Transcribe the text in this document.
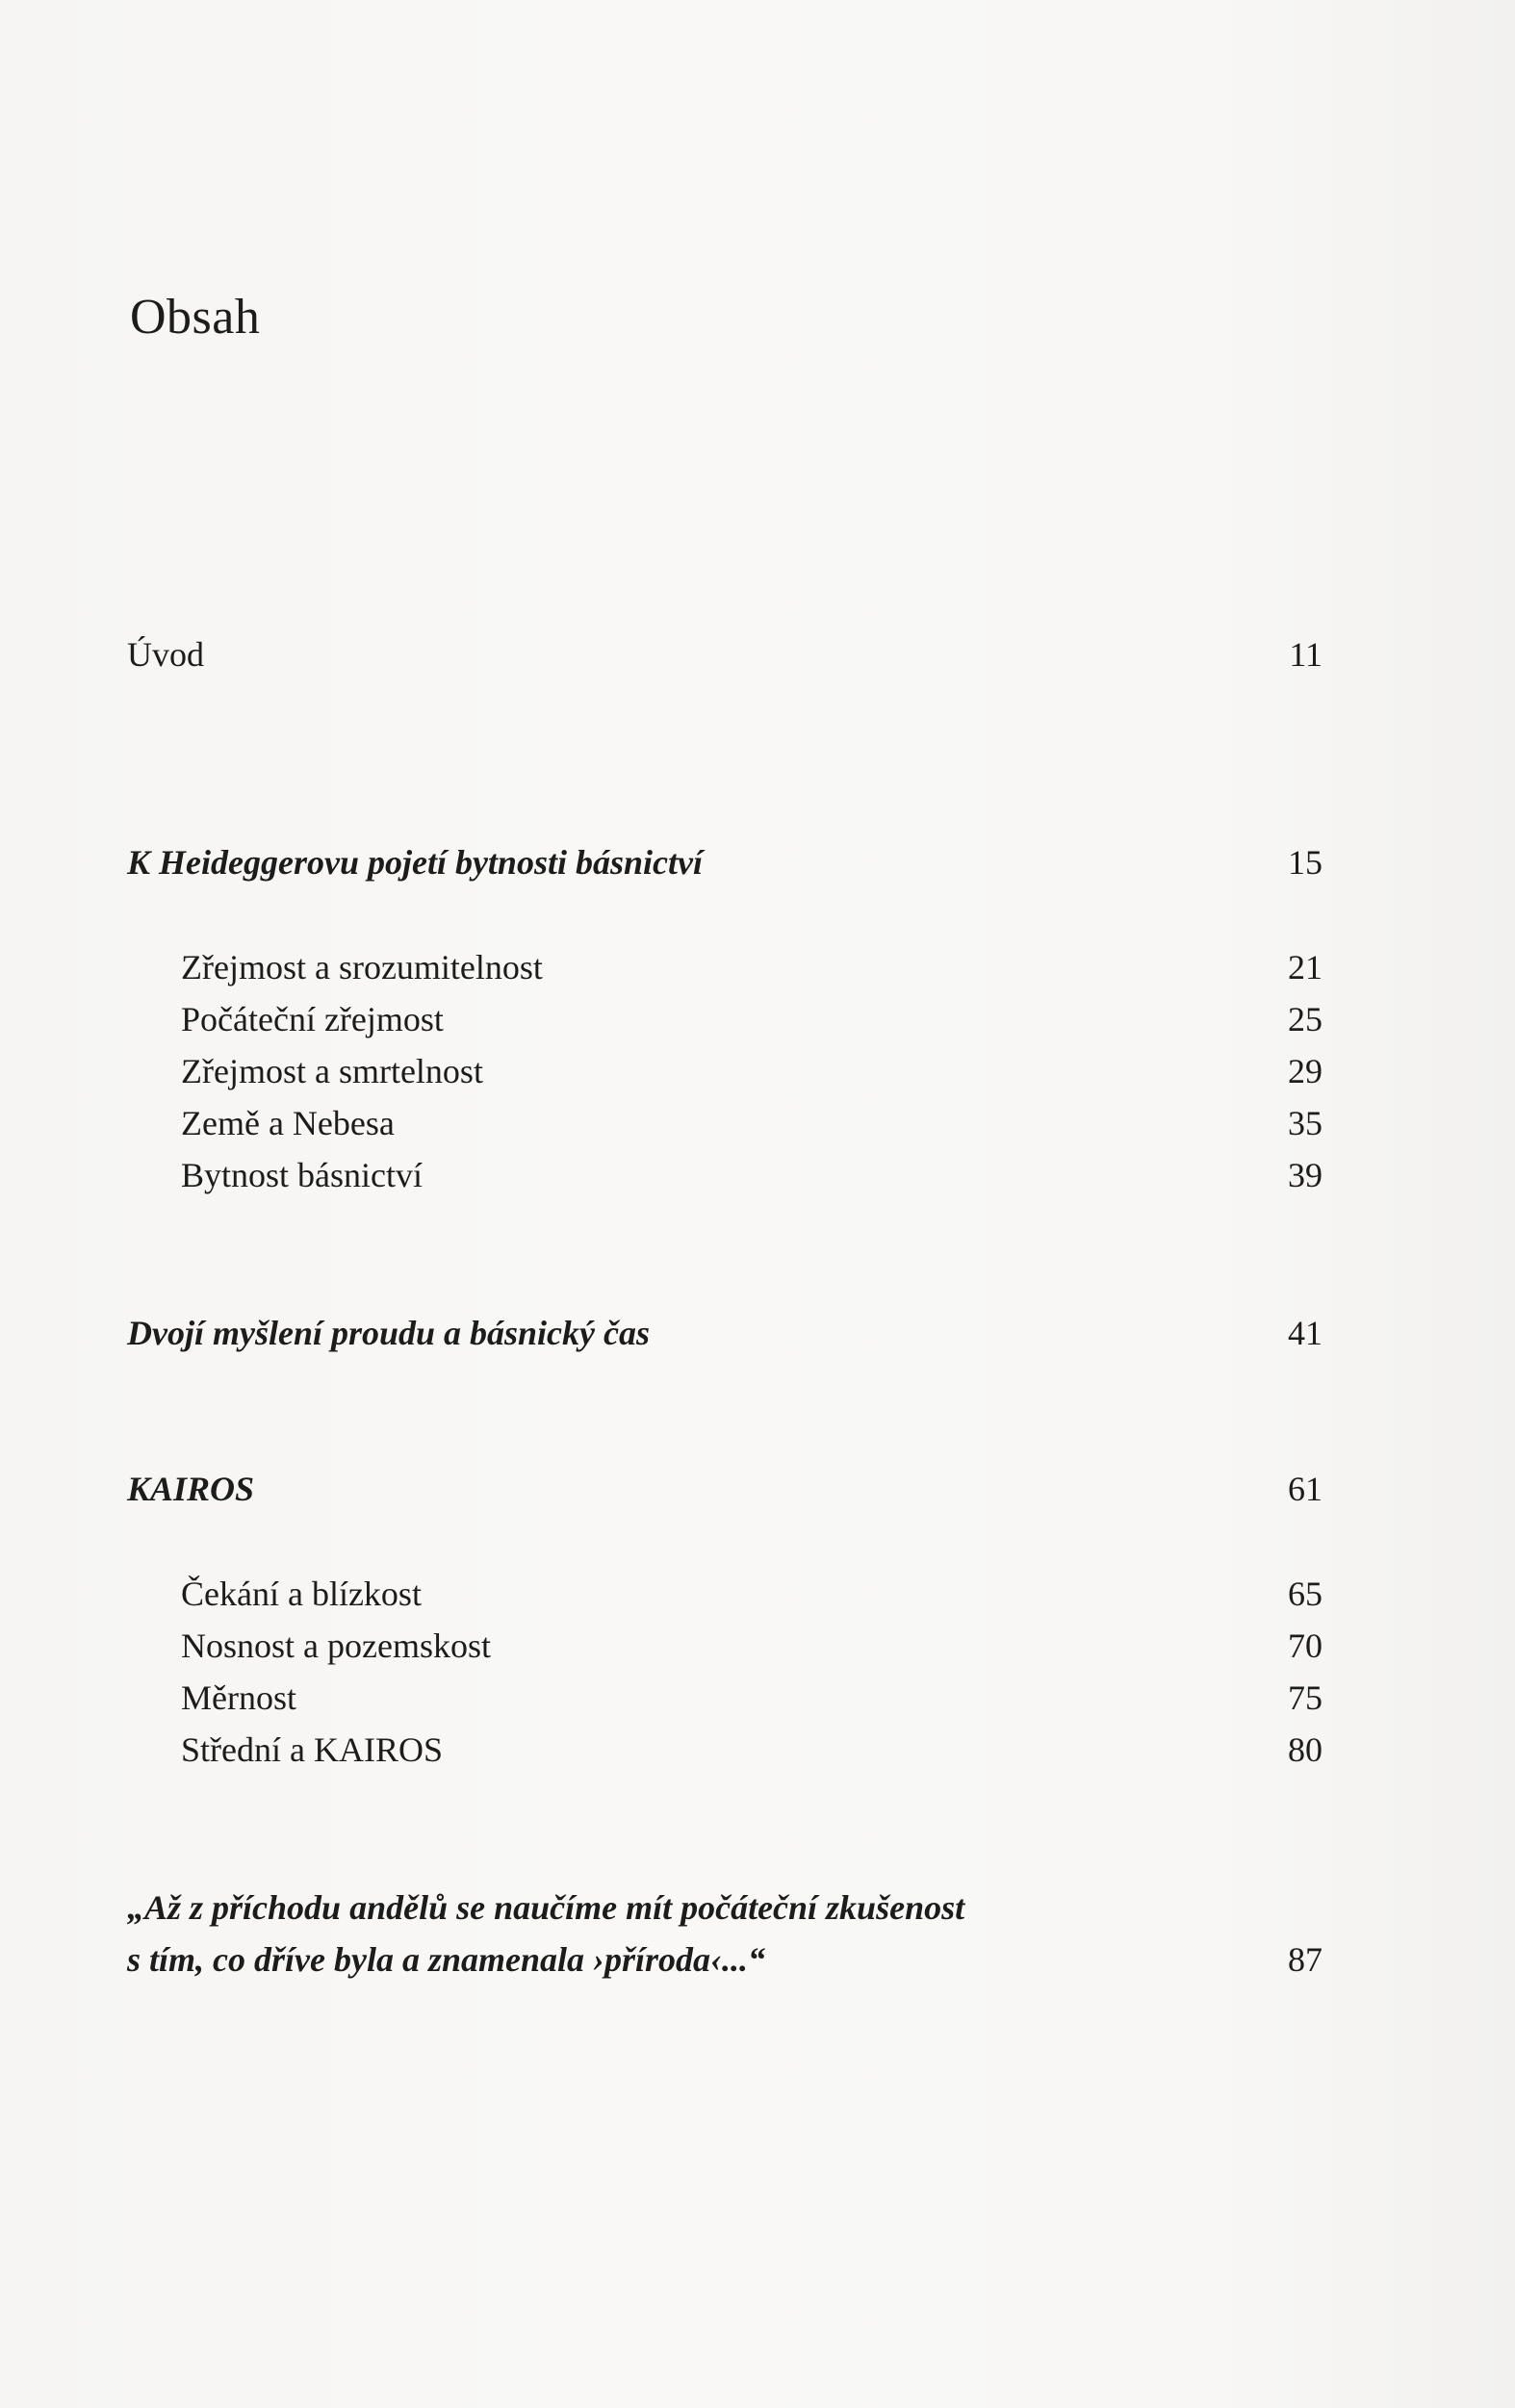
Obsah
Úvod	11
K Heideggerovu pojetí bytnosti básnictví	15
Zřejmost a srozumitelnost	21
Počáteční zřejmost	25
Zřejmost a smrtelnost	29
Země a Nebesa	35
Bytnost básnictví	39
Dvojí myšlení proudu a básnický čas	41
KAIROS	61
Čekání a blízkost	65
Nosnost a pozemskost	70
Měrnost	75
Střední a KAIROS	80
„Až z příchodu andělů se naučíme mít počáteční zkušenost
s tím, co dříve byla a znamenala ›příroda‹...“	87
